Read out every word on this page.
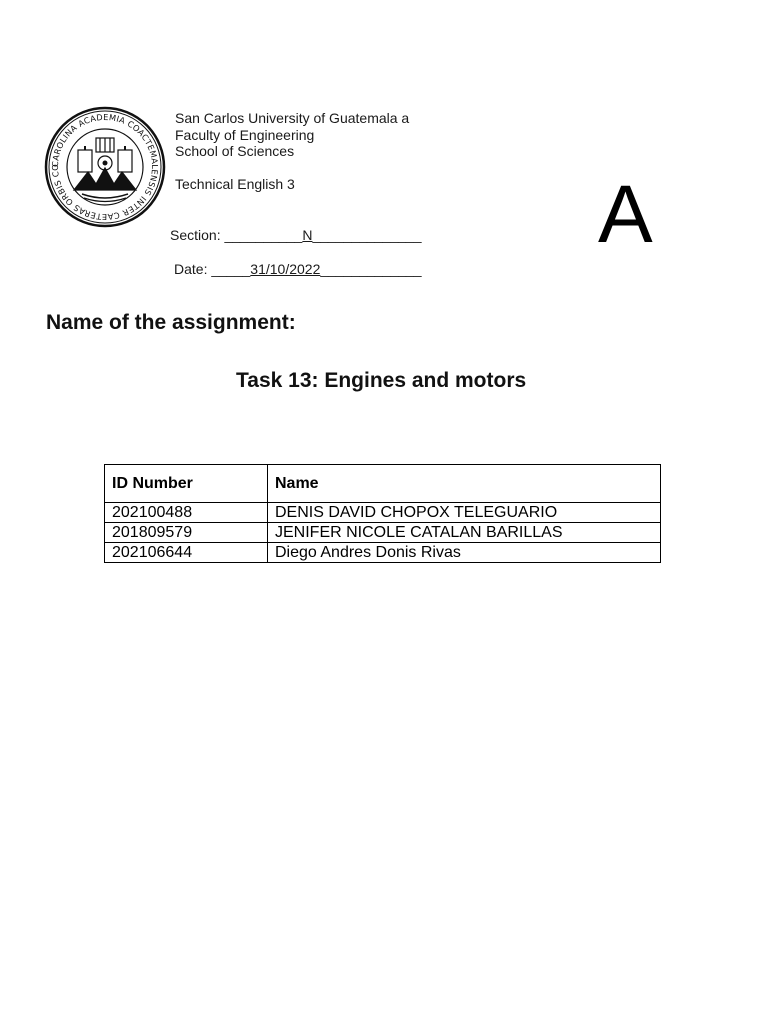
CAROLINA ACADEMIA COACTEMALENSIS INTER CAETERAS ORBIS CO
San Carlos University of Guatemala a
Faculty of Engineering
School of Sciences
Technical English 3	A
Section: __________N______________
Date: _____31/10/2022_____________
Name of the assignment:
Task 13: Engines and motors
ID Number	Name
202100488	DENIS DAVID CHOPOX TELEGUARIO
201809579	JENIFER NICOLE CATALAN BARILLAS
202106644	Diego Andres Donis Rivas
